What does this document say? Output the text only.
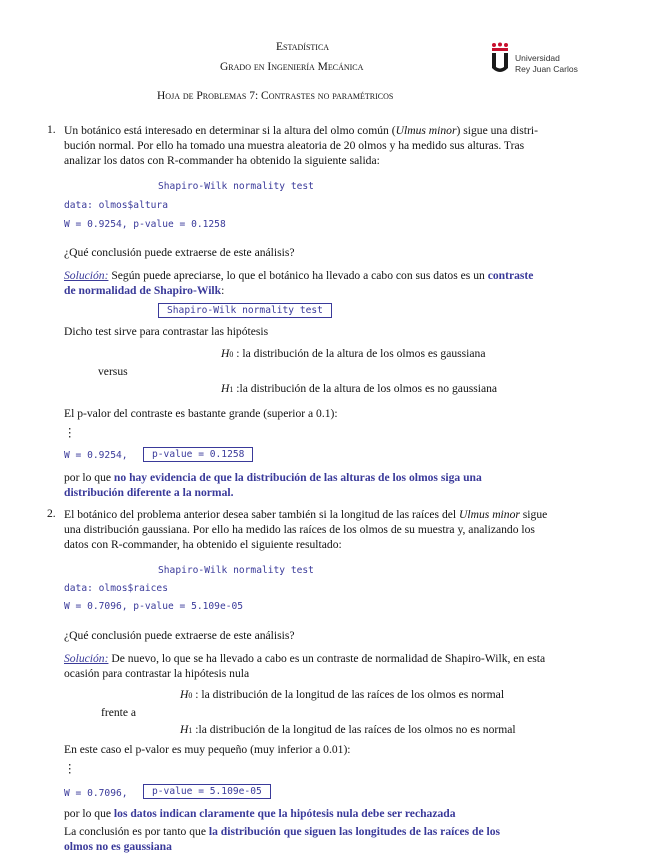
Estadística
Grado en Ingeniería Mecánica
Hoja de Problemas 7: Contrastes no paramétricos
Universidad
Rey Juan Carlos
1. Un botánico está interesado en determinar si la altura del olmo común (Ulmus minor) sigue una distri-
bución normal. Por ello ha tomado una muestra aleatoria de 20 olmos y ha medido sus alturas. Tras
analizar los datos con R-commander ha obtenido la siguiente salida:
Shapiro-Wilk normality test
data: olmos$altura
W = 0.9254, p-value = 0.1258
¿Qué conclusión puede extraerse de este análisis?
Solución: Según puede apreciarse, lo que el botánico ha llevado a cabo con sus datos es un contraste
de normalidad de Shapiro-Wilk:
Shapiro-Wilk normality test
Dicho test sirve para contrastar las hipótesis
H0 : la distribución de la altura de los olmos es gaussiana
versus
H1 :la distribución de la altura de los olmos es no gaussiana
El p-valor del contraste es bastante grande (superior a 0.1):
⋮
W = 0.9254,	p-value = 0.1258
por lo que no hay evidencia de que la distribución de las alturas de los olmos siga una
distribución diferente a la normal.
2. El botánico del problema anterior desea saber también si la longitud de las raíces del Ulmus minor sigue
una distribución gaussiana. Por ello ha medido las raíces de los olmos de su muestra y, analizando los
datos con R-commander, ha obtenido el siguiente resultado:
Shapiro-Wilk normality test
data: olmos$raices
W = 0.7096, p-value = 5.109e-05
¿Qué conclusión puede extraerse de este análisis?
Solución: De nuevo, lo que se ha llevado a cabo es un contraste de normalidad de Shapiro-Wilk, en esta
ocasión para contrastar la hipótesis nula
H0 : la distribución de la longitud de las raíces de los olmos es normal
frente a
H1 :la distribución de la longitud de las raíces de los olmos no es normal
En este caso el p-valor es muy pequeño (muy inferior a 0.01):
⋮
W = 0.7096,	p-value = 5.109e-05
por lo que los datos indican claramente que la hipótesis nula debe ser rechazada
La conclusión es por tanto que la distribución que siguen las longitudes de las raíces de los
olmos no es gaussiana
